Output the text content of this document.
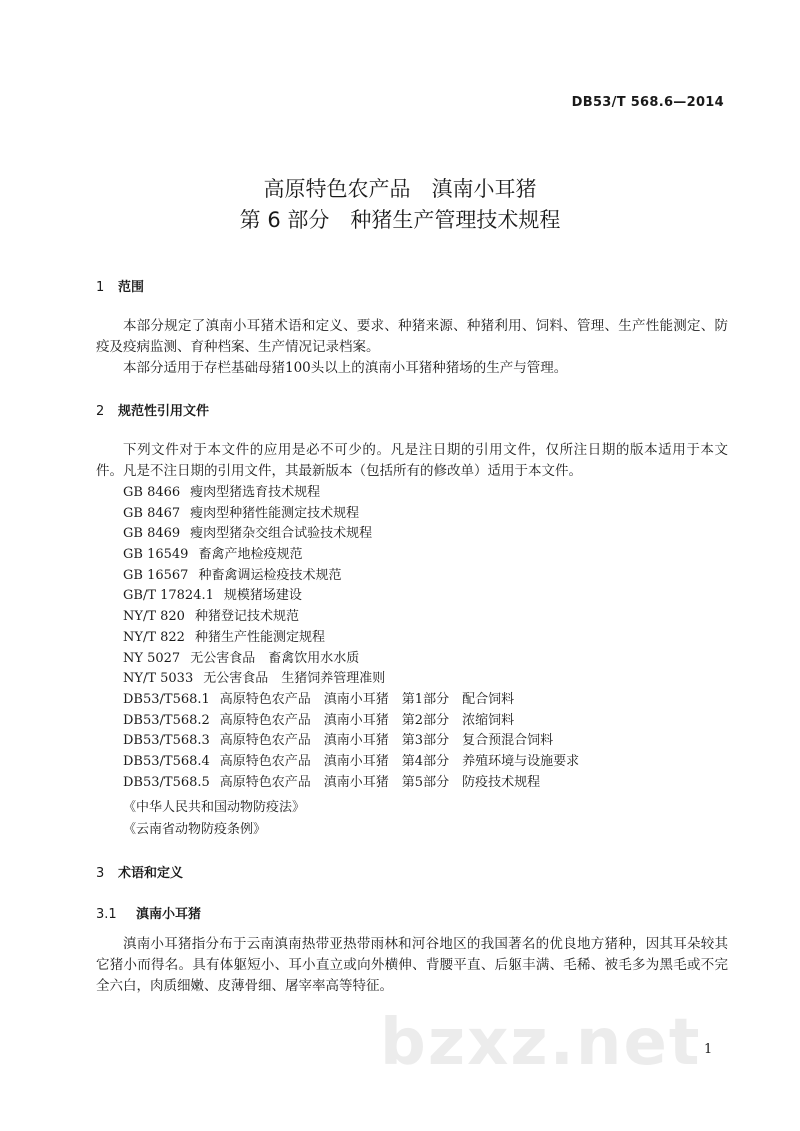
DB53/T 568.6—2014
高原特色农产品　滇南小耳猪
第 6 部分　种猪生产管理技术规程
1 范围

本部分规定了滇南小耳猪术语和定义、要求、种猪来源、种猪利用、饲料、管理、生产性能测定、防疫及疫病监测、育种档案、生产情况记录档案。

本部分适用于存栏基础母猪100头以上的滇南小耳猪种猪场的生产与管理。

2 规范性引用文件

下列文件对于本文件的应用是必不可少的。凡是注日期的引用文件，仅所注日期的版本适用于本文件。凡是不注日期的引用文件，其最新版本（包括所有的修改单）适用于本文件。

GB 8466 瘦肉型猪选育技术规程
GB 8467 瘦肉型种猪性能测定技术规程
GB 8469 瘦肉型猪杂交组合试验技术规程
GB 16549 畜禽产地检疫规范
GB 16567 种畜禽调运检疫技术规范
GB/T 17824.1 规模猪场建设
NY/T 820 种猪登记技术规范
NY/T 822 种猪生产性能测定规程
NY 5027 无公害食品　畜禽饮用水水质
NY/T 5033 无公害食品　生猪饲养管理准则
DB53/T568.1 高原特色农产品　滇南小耳猪　第1部分　配合饲料
DB53/T568.2 高原特色农产品　滇南小耳猪　第2部分　浓缩饲料
DB53/T568.3 高原特色农产品　滇南小耳猪　第3部分　复合预混合饲料
DB53/T568.4 高原特色农产品　滇南小耳猪　第4部分　养殖环境与设施要求
DB53/T568.5 高原特色农产品　滇南小耳猪　第5部分　防疫技术规程
《中华人民共和国动物防疫法》
《云南省动物防疫条例》
3 术语和定义
3.1 滇南小耳猪

滇南小耳猪指分布于云南滇南热带亚热带雨林和河谷地区的我国著名的优良地方猪种，因其耳朵较其它猪小而得名。具有体躯短小、耳小直立或向外横伸、背腰平直、后躯丰满、毛稀、被毛多为黑毛或不完全六白，肉质细嫩、皮薄骨细、屠宰率高等特征。

bzxz.net 1
